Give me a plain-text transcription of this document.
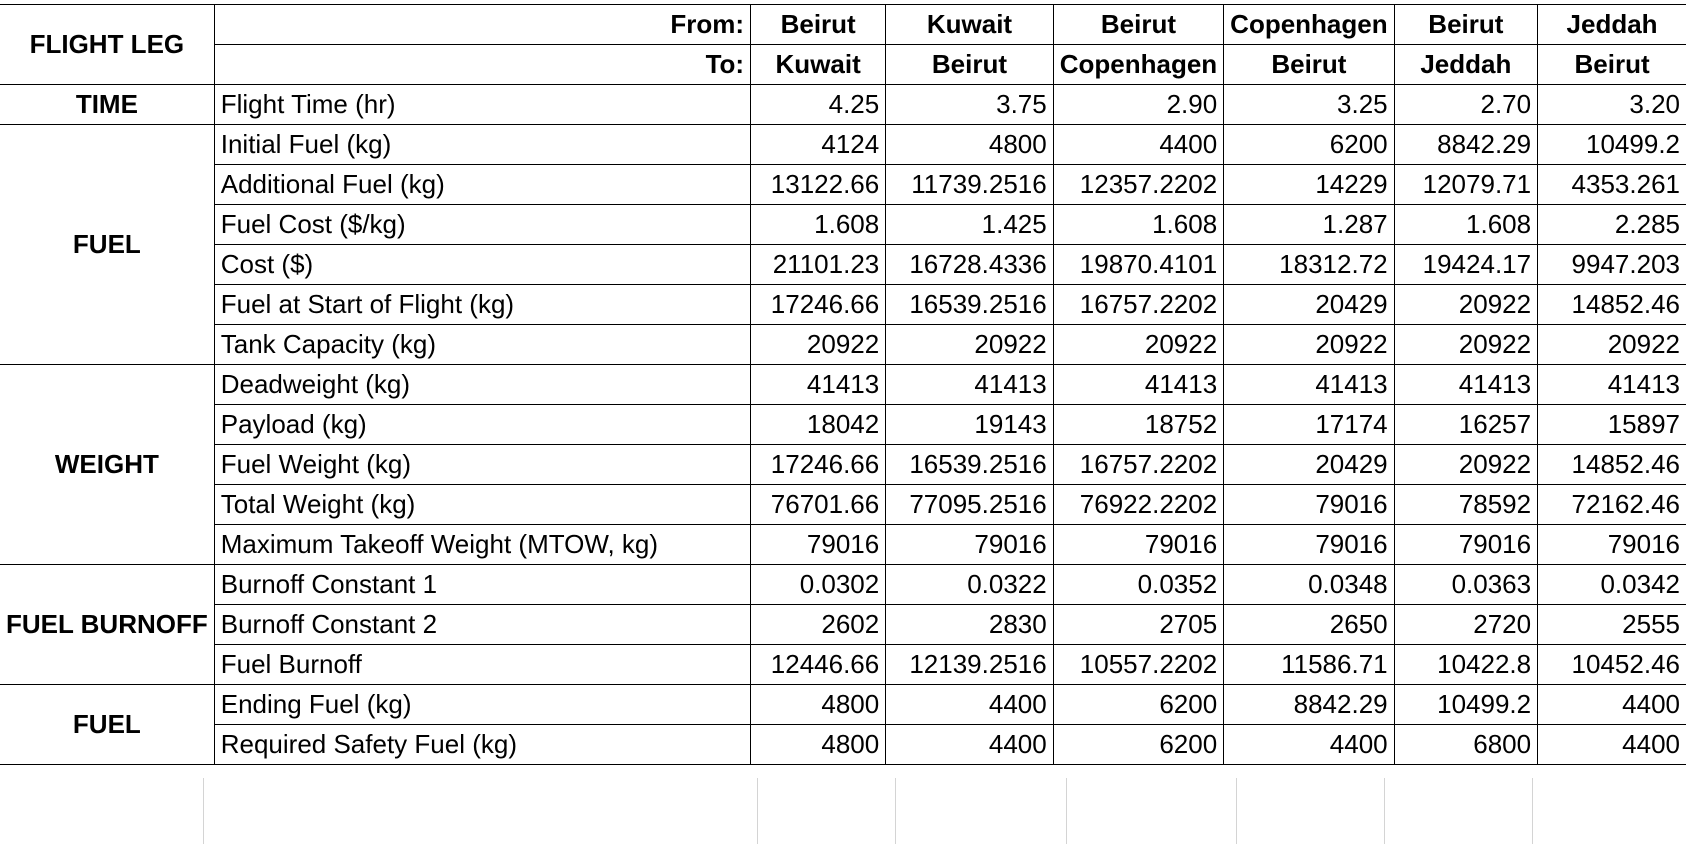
FLIGHT LEG	From:	Beirut	Kuwait	Beirut	Copenhagen	Beirut	Jeddah
	To:	Kuwait	Beirut	Copenhagen	Beirut	Jeddah	Beirut
TIME	Flight Time (hr)	4.25	3.75	2.90	3.25	2.70	3.20
FUEL	Initial Fuel (kg)	4124	4800	4400	6200	8842.29	10499.2
	Additional Fuel (kg)	13122.66	11739.2516	12357.2202	14229	12079.71	4353.261
	Fuel Cost ($/kg)	1.608	1.425	1.608	1.287	1.608	2.285
	Cost ($)	21101.23	16728.4336	19870.4101	18312.72	19424.17	9947.203
	Fuel at Start of Flight (kg)	17246.66	16539.2516	16757.2202	20429	20922	14852.46
	Tank Capacity (kg)	20922	20922	20922	20922	20922	20922
WEIGHT	Deadweight (kg)	41413	41413	41413	41413	41413	41413
	Payload (kg)	18042	19143	18752	17174	16257	15897
	Fuel Weight (kg)	17246.66	16539.2516	16757.2202	20429	20922	14852.46
	Total Weight (kg)	76701.66	77095.2516	76922.2202	79016	78592	72162.46
	Maximum Takeoff Weight (MTOW, kg)	79016	79016	79016	79016	79016	79016
FUEL BURNOFF	Burnoff Constant 1	0.0302	0.0322	0.0352	0.0348	0.0363	0.0342
	Burnoff Constant 2	2602	2830	2705	2650	2720	2555
	Fuel Burnoff	12446.66	12139.2516	10557.2202	11586.71	10422.8	10452.46
FUEL	Ending Fuel (kg)	4800	4400	6200	8842.29	10499.2	4400
	Required Safety Fuel (kg)	4800	4400	6200	4400	6800	4400
